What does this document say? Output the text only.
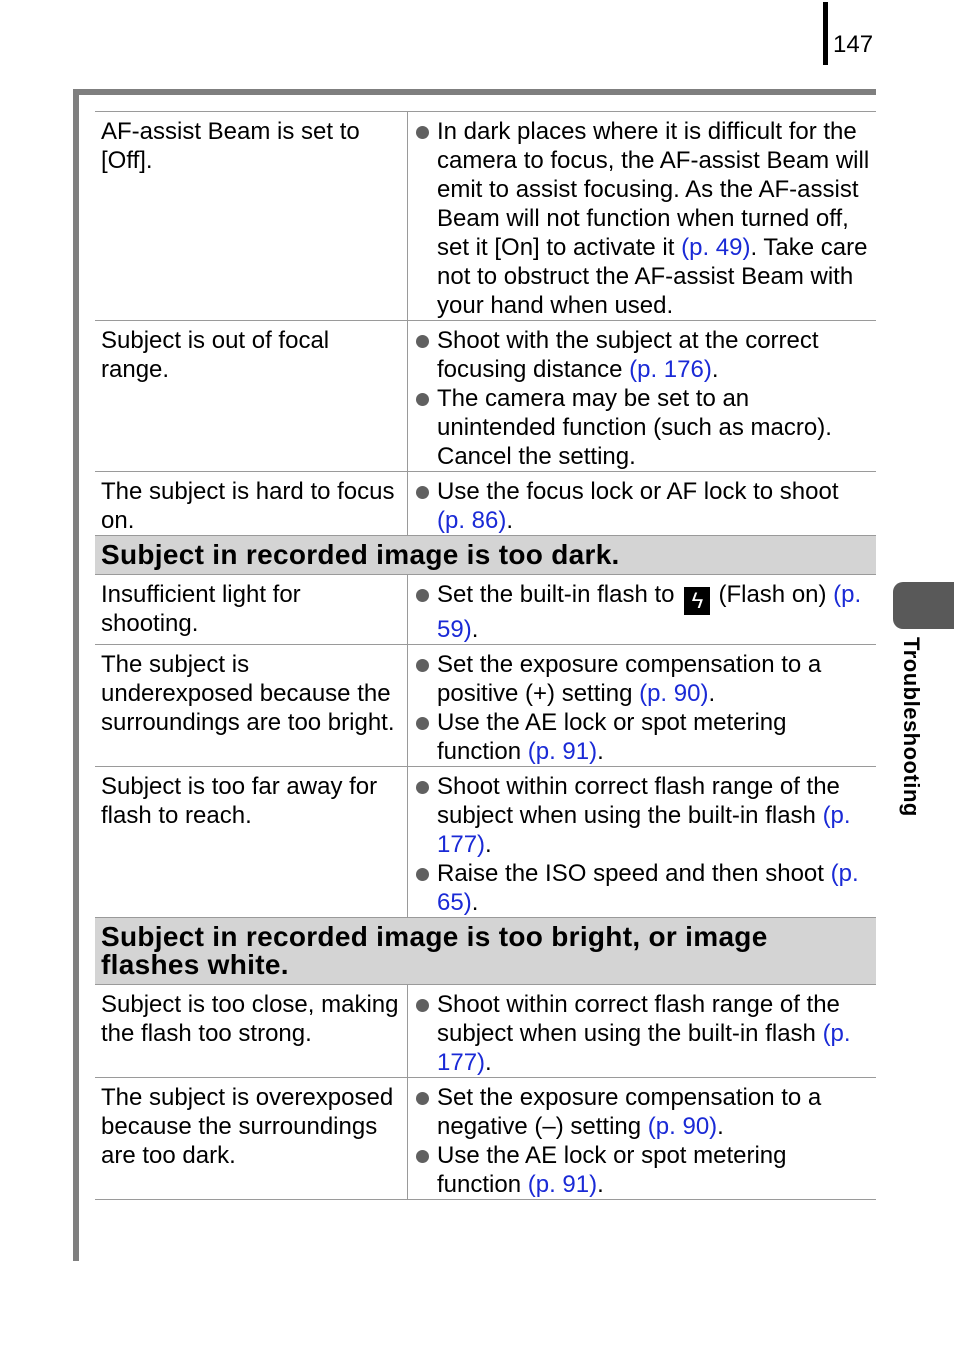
147
Troubleshooting
AF-assist Beam is set to [Off].
In dark places where it is difficult for the camera to focus, the AF-assist Beam will emit to assist focusing. As the AF-assist Beam will not function when turned off, set it [On] to activate it (p. 49). Take care not to obstruct the AF-assist Beam with your hand when used.
Subject is out of focal range.
Shoot with the subject at the correct focusing distance (p. 176).
The camera may be set to an unintended function (such as macro). Cancel the setting.
The subject is hard to focus on.
Use the focus lock or AF lock to shoot (p. 86).
Subject in recorded image is too dark.
Insufficient light for shooting.
Set the built-in flash to ϟ (Flash on) (p. 59).
The subject is underexposed because the surroundings are too bright.
Set the exposure compensation to a positive (+) setting (p. 90).
Use the AE lock or spot metering function (p. 91).
Subject is too far away for flash to reach.
Shoot within correct flash range of the subject when using the built-in flash (p. 177).
Raise the ISO speed and then shoot (p. 65).
Subject in recorded image is too bright, or image flashes white.
Subject is too close, making the flash too strong.
Shoot within correct flash range of the subject when using the built-in flash (p. 177).
The subject is overexposed because the surroundings are too dark.
Set the exposure compensation to a negative (–) setting (p. 90).
Use the AE lock or spot metering function (p. 91).
